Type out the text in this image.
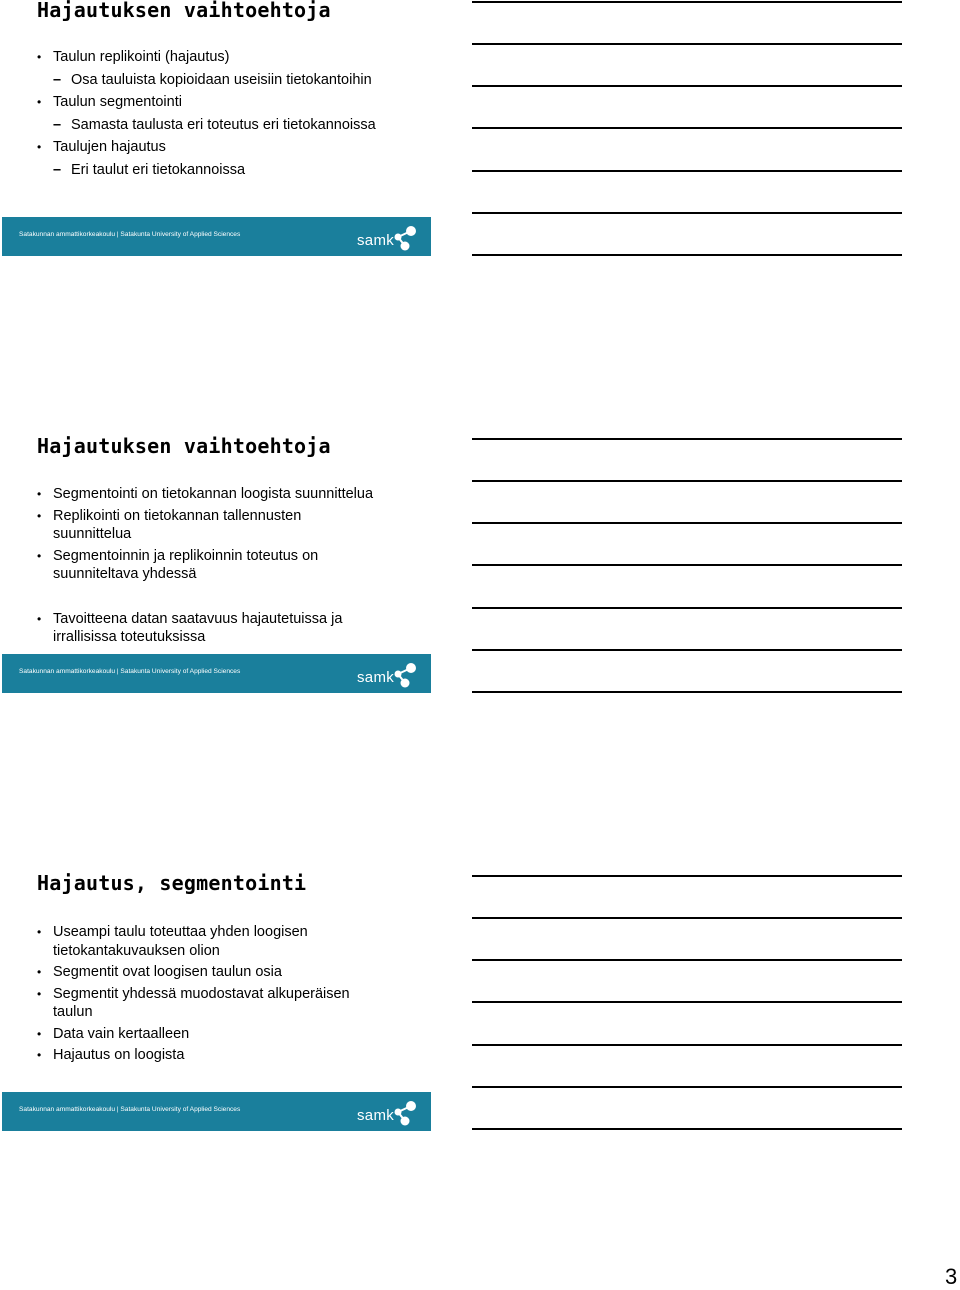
Hajautuksen vaihtoehtoja
• Taulun replikointi (hajautus)
– Osa tauluista kopioidaan useisiin tietokantoihin
• Taulun segmentointi
– Samasta taulusta eri toteutus eri tietokannoissa
• Taulujen hajautus
– Eri taulut eri tietokannoissa
Satakunnan ammattikorkeakoulu | Satakunta University of Applied Sciences	samk
Hajautuksen vaihtoehtoja
• Segmentointi on tietokannan loogista suunnittelua
• Replikointi on tietokannan tallennusten suunnittelua
• Segmentoinnin ja replikoinnin toteutus on suunniteltava yhdessä
• Tavoitteena datan saatavuus hajautetuissa ja irrallisissa toteutuksissa
Satakunnan ammattikorkeakoulu | Satakunta University of Applied Sciences	samk
Hajautus, segmentointi
• Useampi taulu toteuttaa yhden loogisen tietokantakuvauksen olion
• Segmentit ovat loogisen taulun osia
• Segmentit yhdessä muodostavat alkuperäisen taulun
• Data vain kertaalleen
• Hajautus on loogista
Satakunnan ammattikorkeakoulu | Satakunta University of Applied Sciences	samk
3
